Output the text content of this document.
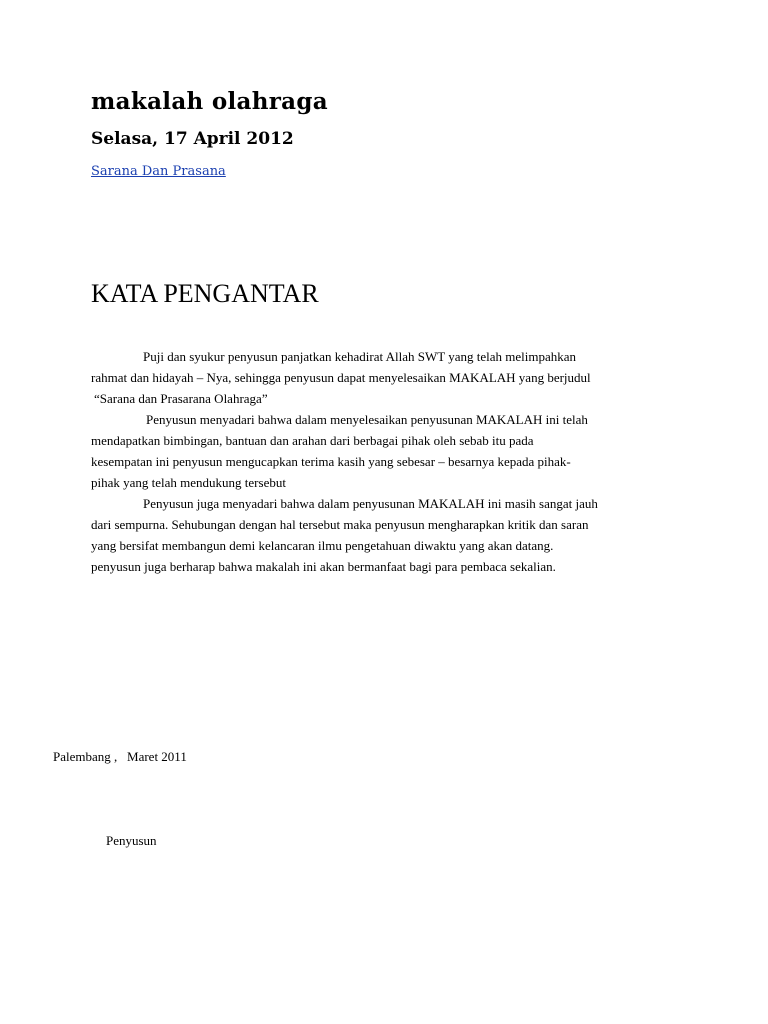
makalah olahraga
Selasa, 17 April 2012
Sarana Dan Prasana
KATA PENGANTAR
Puji dan syukur penyusun panjatkan kehadirat Allah SWT yang telah melimpahkan
rahmat dan hidayah – Nya, sehingga penyusun dapat menyelesaikan MAKALAH yang berjudul
“Sarana dan Prasarana Olahraga”
Penyusun menyadari bahwa dalam menyelesaikan penyusunan MAKALAH ini telah
mendapatkan bimbingan, bantuan dan arahan dari berbagai pihak oleh sebab itu pada
kesempatan ini penyusun mengucapkan terima kasih yang sebesar – besarnya kepada pihak-
pihak yang telah mendukung tersebut
Penyusun juga menyadari bahwa dalam penyusunan MAKALAH ini masih sangat jauh
dari sempurna. Sehubungan dengan hal tersebut maka penyusun mengharapkan kritik dan saran
yang bersifat membangun demi kelancaran ilmu pengetahuan diwaktu yang akan datang.
penyusun juga berharap bahwa makalah ini akan bermanfaat bagi para pembaca sekalian.
Palembang ,   Maret 2011
Penyusun
